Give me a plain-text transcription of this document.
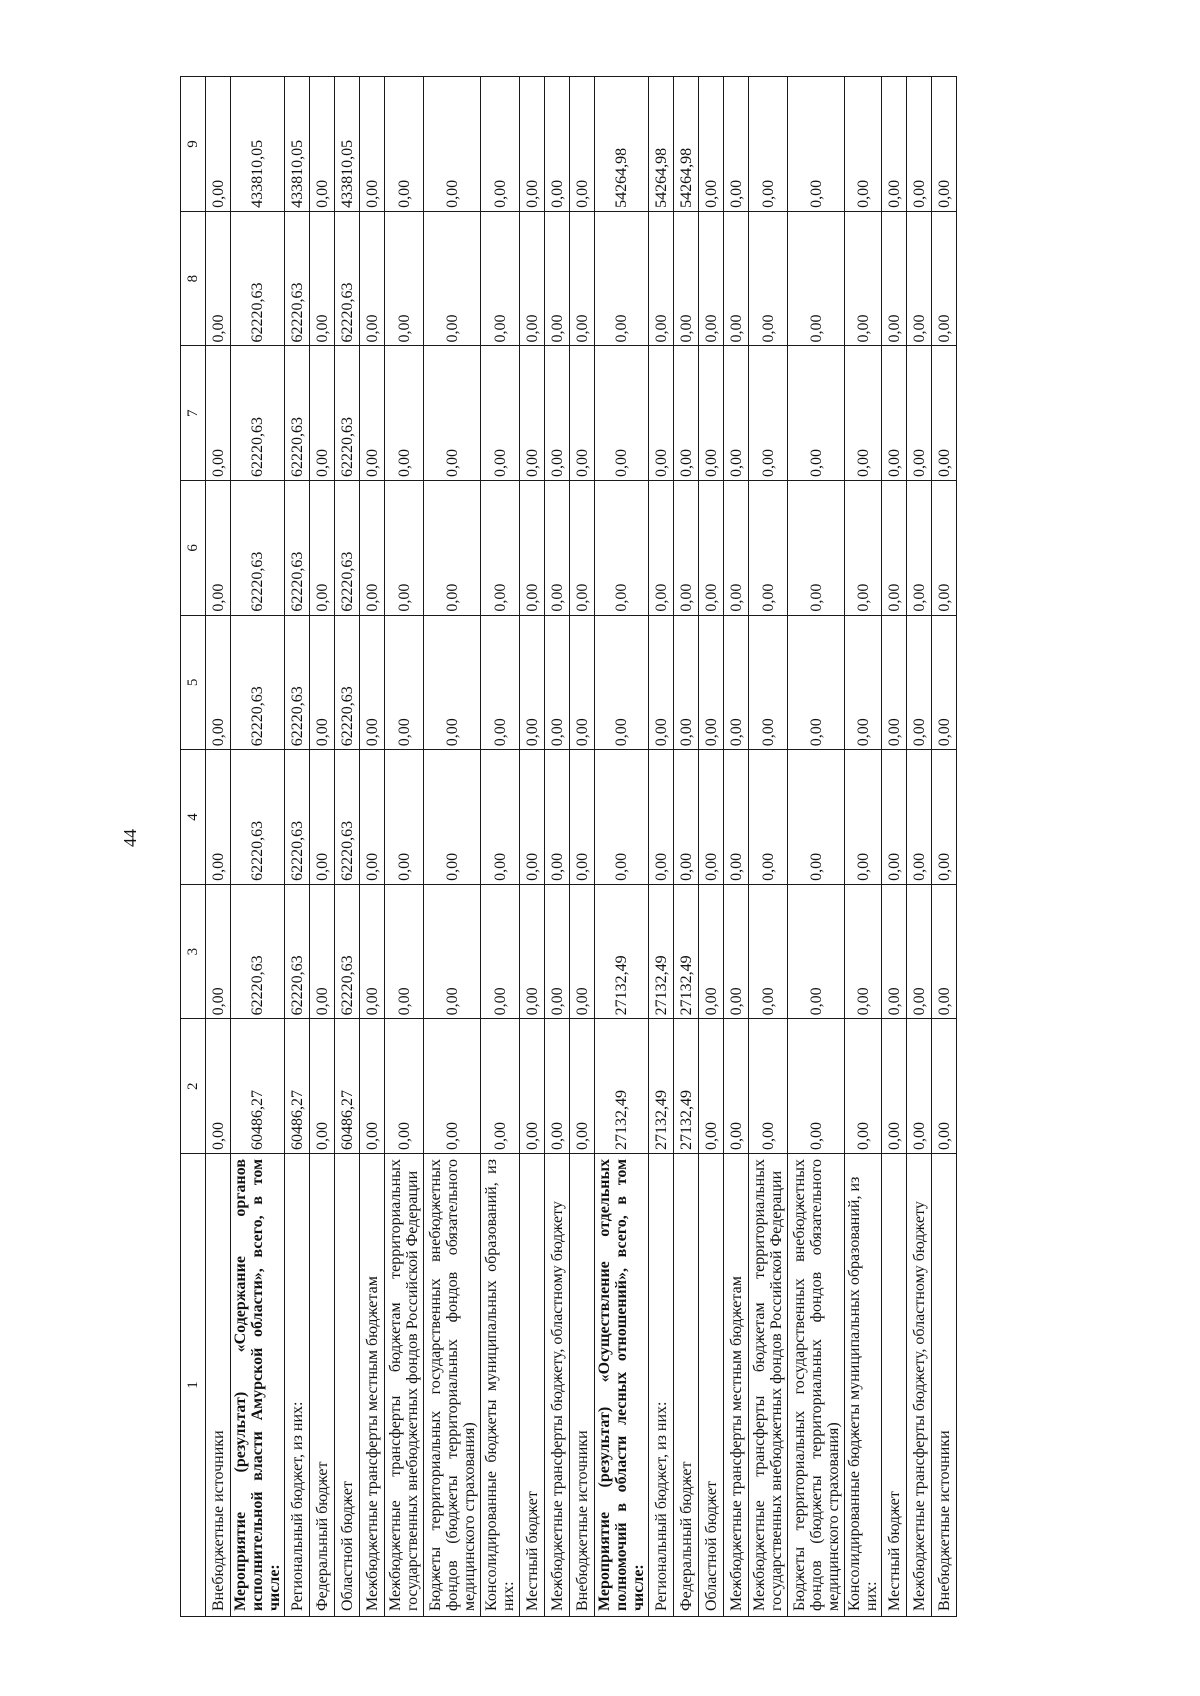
44
1	2	3	4	5	6	7	8	9
Внебюджетные источники	0,00	0,00	0,00	0,00	0,00	0,00	0,00	0,00
Мероприятие (результат) «Содержание органов исполнительной власти Амурской области», всего, в том числе:	60486,27	62220,63	62220,63	62220,63	62220,63	62220,63	62220,63	433810,05
Региональный бюджет, из них:	60486,27	62220,63	62220,63	62220,63	62220,63	62220,63	62220,63	433810,05
Федеральный бюджет	0,00	0,00	0,00	0,00	0,00	0,00	0,00	0,00
Областной бюджет	60486,27	62220,63	62220,63	62220,63	62220,63	62220,63	62220,63	433810,05
Межбюджетные трансферты местным бюджетам	0,00	0,00	0,00	0,00	0,00	0,00	0,00	0,00
Межбюджетные трансферты бюджетам территориальных государственных внебюджетных фондов Российской Федерации	0,00	0,00	0,00	0,00	0,00	0,00	0,00	0,00
Бюджеты территориальных государственных внебюджетных фондов (бюджеты территориальных фондов обязательного медицинского страхования)	0,00	0,00	0,00	0,00	0,00	0,00	0,00	0,00
Консолидированные бюджеты муниципальных образований, из них:	0,00	0,00	0,00	0,00	0,00	0,00	0,00	0,00
Местный бюджет	0,00	0,00	0,00	0,00	0,00	0,00	0,00	0,00
Межбюджетные трансферты бюджету, областному бюджету	0,00	0,00	0,00	0,00	0,00	0,00	0,00	0,00
Внебюджетные источники	0,00	0,00	0,00	0,00	0,00	0,00	0,00	0,00
Мероприятие (результат) «Осуществление отдельных полномочий в области лесных отношений», всего, в том числе:	27132,49	27132,49	0,00	0,00	0,00	0,00	0,00	54264,98
Региональный бюджет, из них:	27132,49	27132,49	0,00	0,00	0,00	0,00	0,00	54264,98
Федеральный бюджет	27132,49	27132,49	0,00	0,00	0,00	0,00	0,00	54264,98
Областной бюджет	0,00	0,00	0,00	0,00	0,00	0,00	0,00	0,00
Межбюджетные трансферты местным бюджетам	0,00	0,00	0,00	0,00	0,00	0,00	0,00	0,00
Межбюджетные трансферты бюджетам территориальных государственных внебюджетных фондов Российской Федерации	0,00	0,00	0,00	0,00	0,00	0,00	0,00	0,00
Бюджеты территориальных государственных внебюджетных фондов (бюджеты территориальных фондов обязательного медицинского страхования)	0,00	0,00	0,00	0,00	0,00	0,00	0,00	0,00
Консолидированные бюджеты муниципальных образований, из них:	0,00	0,00	0,00	0,00	0,00	0,00	0,00	0,00
Местный бюджет	0,00	0,00	0,00	0,00	0,00	0,00	0,00	0,00
Межбюджетные трансферты бюджету, областному бюджету	0,00	0,00	0,00	0,00	0,00	0,00	0,00	0,00
Внебюджетные источники	0,00	0,00	0,00	0,00	0,00	0,00	0,00	0,00
